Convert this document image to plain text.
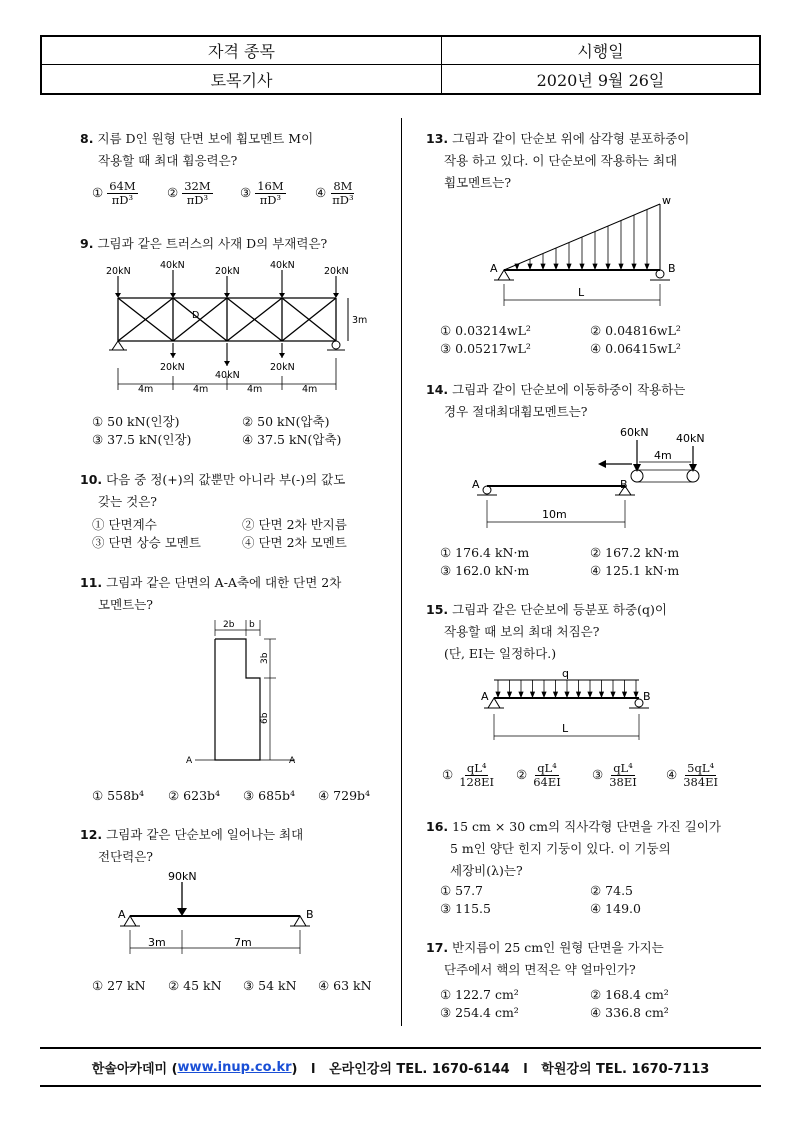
자격 종목	시행일
토목기사	2020년 9월 26일
8. 지름 D인 원형 단면 보에 휨모멘트 M이
작용할 때 최대 휨응력은?
① $\frac{64M}{\text{πD³}}$ ② $\frac{32M}{\text{πD³}}$ ③ $\frac{16M}{\text{πD³}}$ ④ $\frac{8M}{\text{πD³}}$
9. 그림과 같은 트러스의 사재 D의 부재력은?
20kN
40kN
20kN
40kN
20kN
20kN
40kN
20kN
D	3m
4m	4m	4m	4m
① 50 kN(인장)	② 50 kN(압축)
③ 37.5 kN(인장)	④ 37.5 kN(압축)
10. 다음 중 정(+)의 값뿐만 아니라 부(-)의 값도
갖는 것은?
① 단면계수	② 단면 2차 반지름
③ 단면 상승 모멘트	④ 단면 2차 모멘트
11. 그림과 같은 단면의 A-A축에 대한 단면 2차
모멘트는?
2b b
3b
6b
A	A
① 558b⁴ ② 623b⁴ ③ 685b⁴ ④ 729b⁴
12. 그림과 같은 단순보에 일어나는 최대
전단력은?
90kN
A	B
3m	7m
① 27 kN ② 45 kN ③ 54 kN ④ 63 kN
13. 그림과 같이 단순보 위에 삼각형 분포하중이
작용 하고 있다. 이 단순보에 작용하는 최대
휨모멘트는?
w
A	B
L
① 0.03214wL²	② 0.04816wL²
③ 0.05217wL²	④ 0.06415wL²
14. 그림과 같이 단순보에 이동하중이 작용하는
경우 절대최대휨모멘트는?
60kN 40kN
4m
A	B
10m
① 176.4 kN·m	② 167.2 kN·m
③ 162.0 kN·m	④ 125.1 kN·m
15. 그림과 같은 단순보에 등분포 하중(q)이
작용할 때 보의 최대 처짐은?
(단, EI는 일정하다.)
q
A	B
L
① $\frac{\text{qL⁴}}{128EI}$ ② $\frac{\text{qL⁴}}{64EI}$ ③ $\frac{\text{qL⁴}}{38EI}$ ④ $\frac{\text{5qL⁴}}{384EI}$
16. 15 cm × 30 cm의 직사각형 단면을 가진 길이가
5 m인 양단 힌지 기둥이 있다. 이 기둥의
세장비(λ)는?
① 57.7	② 74.5
③ 115.5	④ 149.0
17. 반지름이 25 cm인 원형 단면을 가지는
단주에서 핵의 면적은 약 얼마인가?
① 122.7 cm²	② 168.4 cm²
③ 254.4 cm²	④ 336.8 cm²
한솔아카데미 ( www.inup.co.kr )   l   온라인강의 TEL. 1670-6144   l   학원강의 TEL. 1670-7113
